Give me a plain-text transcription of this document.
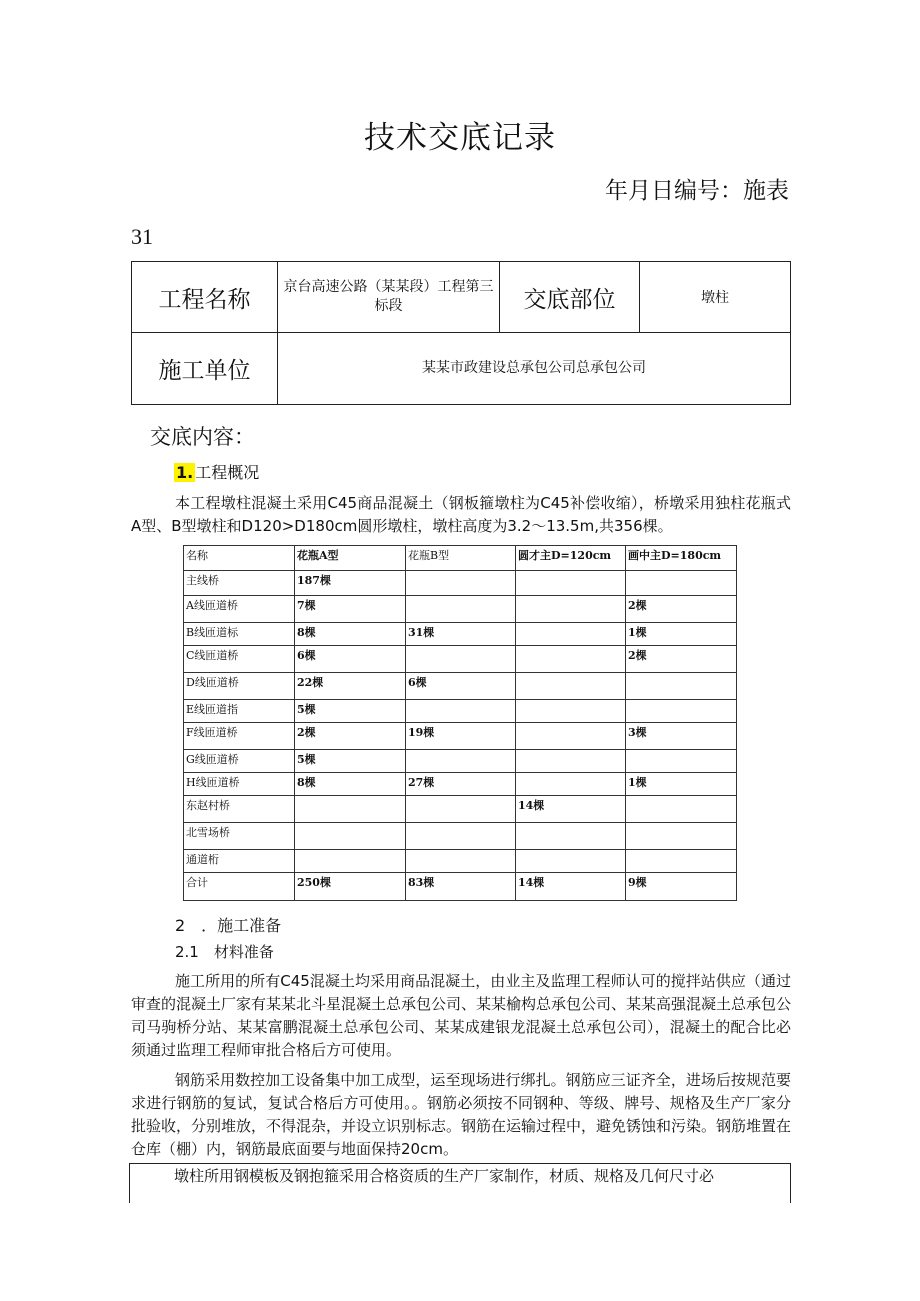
技术交底记录
年月日编号：施表
31
工程名称	京台高速公路（某某段）工程第三标段	交底部位	墩柱
施工单位	某某市政建设总承包公司总承包公司		
交底内容：
1. 工程概况

本工程墩柱混凝土采用C45商品混凝土（钢板箍墩柱为C45补偿收缩），桥墩采用独柱花瓶式A型、B型墩柱和D120>D180cm圆形墩柱，墩柱高度为3.2～13.5m,共356棵。

名称	花瓶A型	花瓶B型	圆才主D=120cm	画中主D=180cm
主线桥	187棵			
A线匝道桥	7棵			2棵
B线匝道标	8棵	31棵		1棵
C线匝道桥	6棵			2棵
D线匝道桥	22棵	6棵		
E线匝道指	5棵			
F线匝道桥	2棵	19棵		3棵
G线匝道桥	5棵			
H线匝道桥	8棵	27棵		1棵
东赵村桥			14棵	
北雪场桥				
通道桁				
合计	250棵	83棵	14棵	9棵
2　．施工准备
2.1　材料准备

施工所用的所有C45混凝土均采用商品混凝土，由业主及监理工程师认可的搅拌站供应（通过审查的混凝土厂家有某某北斗星混凝土总承包公司、某某榆构总承包公司、某某高强混凝土总承包公司马驹桥分站、某某富鹏混凝土总承包公司、某某成建银龙混凝土总承包公司），混凝土的配合比必须通过监理工程师审批合格后方可使用。

钢筋采用数控加工设备集中加工成型，运至现场进行绑扎。钢筋应三证齐全，进场后按规范要求进行钢筋的复试，复试合格后方可使用。。钢筋必须按不同钢种、等级、牌号、规格及生产厂家分批验收，分别堆放，不得混杂，并设立识别标志。钢筋在运输过程中，避免锈蚀和污染。钢筋堆置在仓库（棚）内，钢筋最底面要与地面保持20cm。

墩柱所用钢模板及钢抱箍采用合格资质的生产厂家制作，材质、规格及几何尺寸必
